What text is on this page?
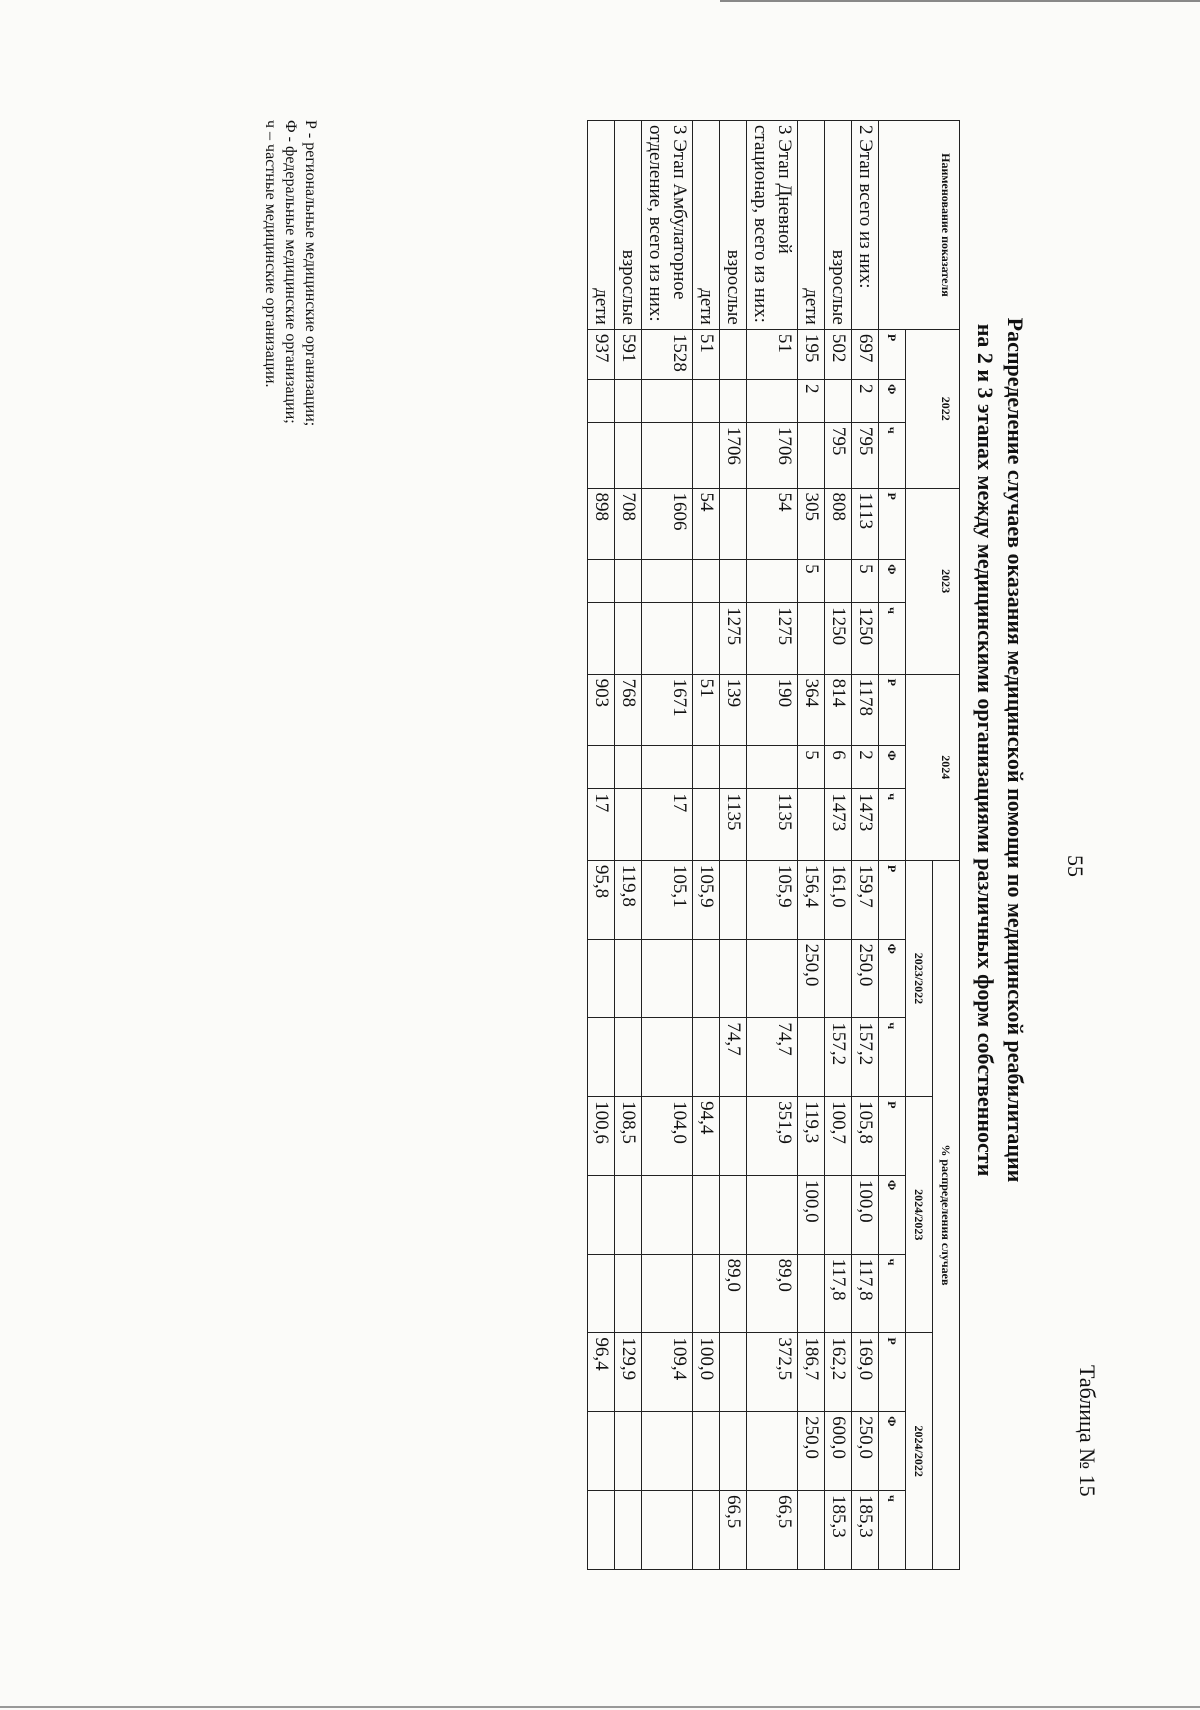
55
Таблица № 15
Распределение случаев оказания медицинской помощи по медицинской реабилитации
на 2 и 3 этапах между медицинскими организациями различных форм собственности
Наименование показателя	2022			2023			2024			% распределения случаев								
										2023/2022			2024/2023			2024/2022		
	Р	Ф	ч	Р	Ф	ч	Р	Ф	ч	Р	Ф	ч	Р	Ф	ч	Р	Ф	ч
2 Этап всего из них:	697	2	795	1113	5	1250	1178	2	1473	159,7	250,0	157,2	105,8	100,0	117,8	169,0	250,0	185,3
взрослые	502		795	808		1250	814	6	1473	161,0		157,2	100,7		117,8	162,2	600,0	185,3
дети	195	2		305	5		364	5		156,4	250,0		119,3	100,0		186,7	250,0	
3 Этап Дневной стационар, всего из них:	51		1706	54		1275	190		1135	105,9		74,7	351,9		89,0	372,5		66,5
взрослые			1706			1275	139		1135			74,7			89,0			66,5
дети	51			54			51			105,9			94,4			100,0		
3 Этап Амбулаторное отделение, всего из них:	1528			1606			1671		17	105,1			104,0			109,4		
взрослые	591			708			768			119,8			108,5			129,9		
дети	937			898			903		17	95,8			100,6			96,4		
Р - региональные медицинские организации;
Ф - федеральные медицинские организации;
ч – частные медицинские организации.
